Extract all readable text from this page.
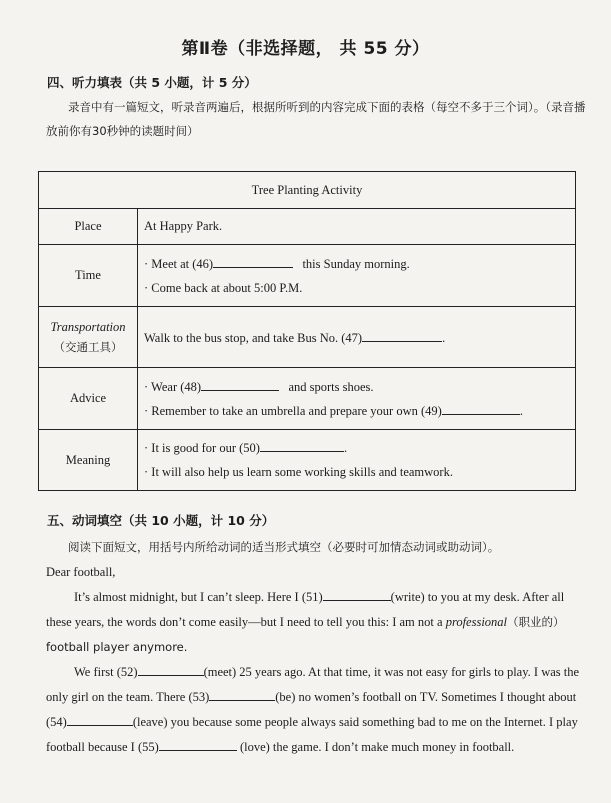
第Ⅱ卷（非选择题， 共 55 分）
四、听力填表（共 5 小题，计 5 分）
录音中有一篇短文，听录音两遍后，根据所听到的内容完成下面的表格（每空不多于三个词）。（录音播放前你有30秒钟的读题时间）
Tree Planting Activity	
Place	At Happy Park.
Time	· Meet at (46) this Sunday morning.
· Come back at about 5:00 P.M.

Transportation
（交通工具）	Walk to the bus stop, and take Bus No. (47) .
Advice	· Wear (48) and sports shoes.
· Remember to take an umbrella and prepare your own (49) .

Meaning	· It is good for our (50) .
· It will also help us learn some working skills and teamwork.
五、动词填空（共 10 小题，计 10 分）
阅读下面短文，用括号内所给动词的适当形式填空（必要时可加情态动词或助动词）。
Dear football,
It’s almost midnight, but I can’t sleep. Here I (51)	(write) to you at my desk. After all these years, the words don’t come easily—but I need to tell you this: I am not a professional（职业的） football player anymore.
We first (52)	(meet) 25 years ago. At that time, it was not easy for girls to play. I was the only girl on the team. There (53)	(be) no women’s football on TV. Sometimes I thought about (54)	(leave) you because some people always said something bad to me on the Internet. I play football because I (55)	(love) the game. I don’t make much money in football.
